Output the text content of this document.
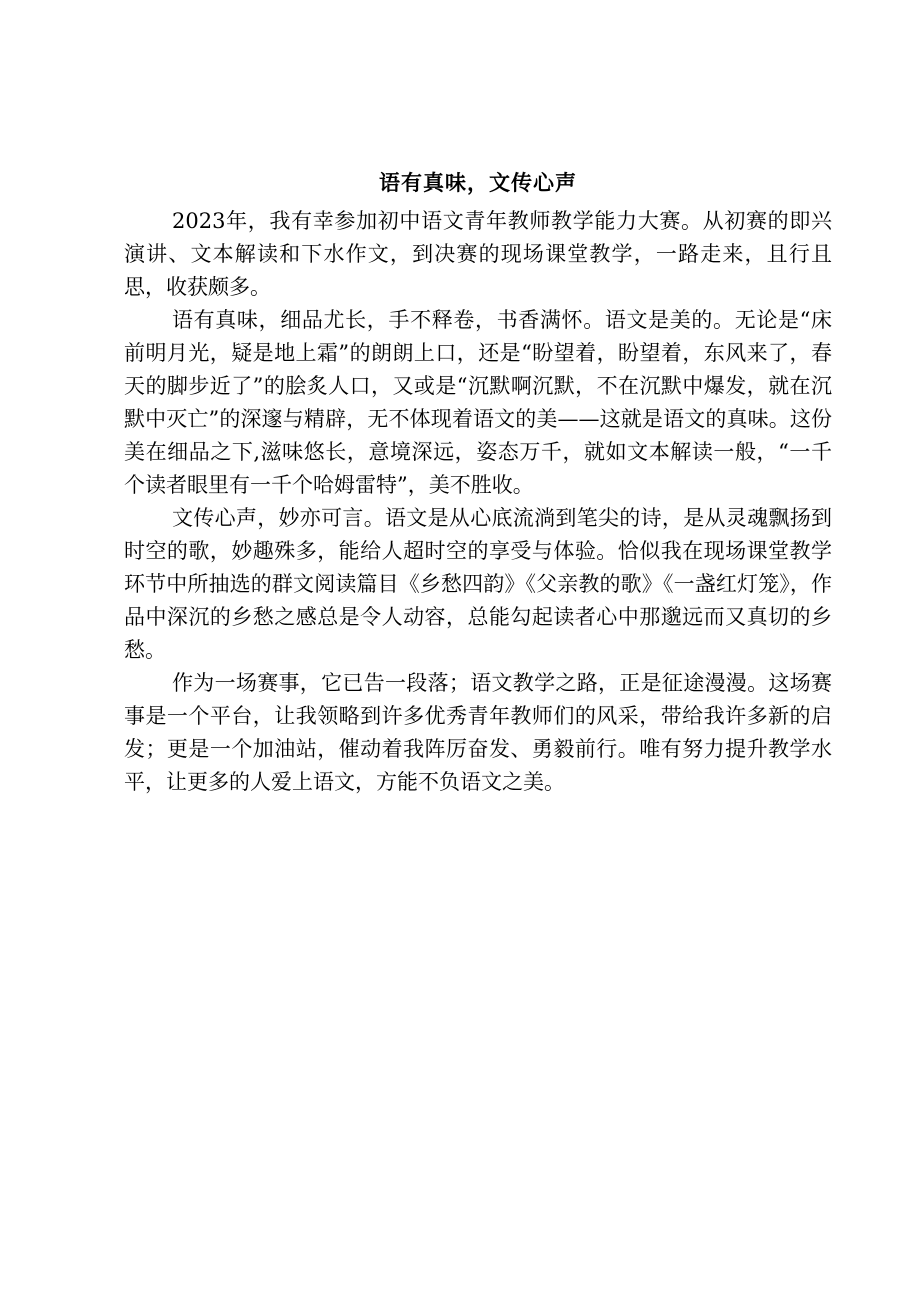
语有真味，文传心声

2023年，我有幸参加初中语文青年教师教学能力大赛。从初赛的即兴演讲、文本解读和下水作文，到决赛的现场课堂教学，一路走来，且行且思，收获颇多。

语有真味，细品尤长，手不释卷，书香满怀。语文是美的。无论是“床前明月光，疑是地上霜”的朗朗上口，还是“盼望着，盼望着，东风来了，春天的脚步近了”的脍炙人口，又或是“沉默啊沉默，不在沉默中爆发，就在沉默中灭亡”的深邃与精辟，无不体现着语文的美——这就是语文的真味。这份美在细品之下,滋味悠长，意境深远，姿态万千，就如文本解读一般，“一千个读者眼里有一千个哈姆雷特”，美不胜收。

文传心声，妙亦可言。语文是从心底流淌到笔尖的诗，是从灵魂飘扬到时空的歌，妙趣殊多，能给人超时空的享受与体验。恰似我在现场课堂教学环节中所抽选的群文阅读篇目《乡愁四韵》《父亲教的歌》《一盏红灯笼》，作品中深沉的乡愁之感总是令人动容，总能勾起读者心中那邈远而又真切的乡愁。

作为一场赛事，它已告一段落；语文教学之路，正是征途漫漫。这场赛事是一个平台，让我领略到许多优秀青年教师们的风采，带给我许多新的启发；更是一个加油站，催动着我阵厉奋发、勇毅前行。唯有努力提升教学水平，让更多的人爱上语文，方能不负语文之美。
